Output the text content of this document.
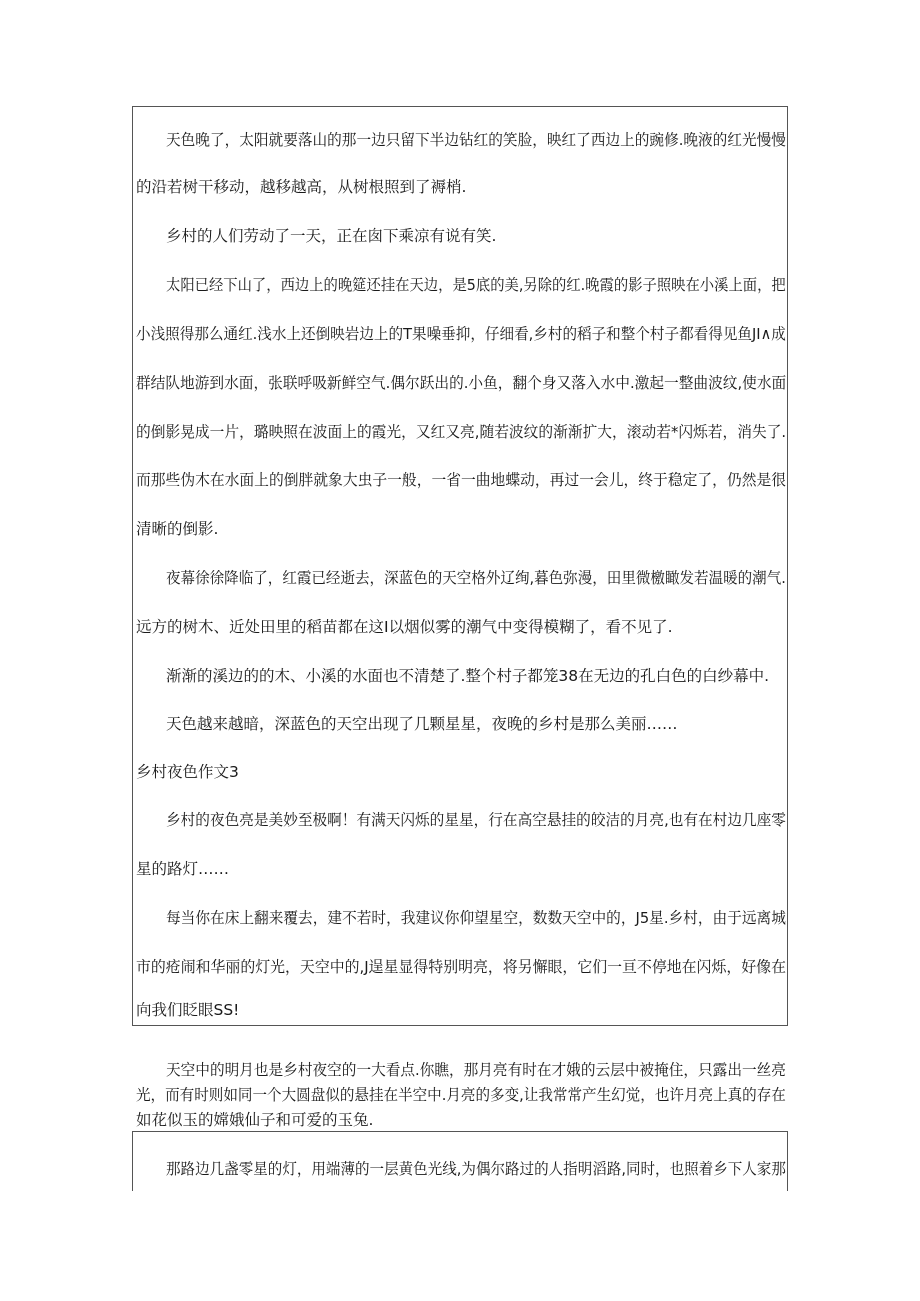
天色晚了，太阳就要落山的那一边只留下半边钻红的笑脸，映红了西边上的豌修.晚液的红光慢慢
的沿若树干移动，越移越高，从树根照到了褥梢.
乡村的人们劳动了一天，正在囱下乘凉有说有笑.
太阳已经下山了，西边上的晚筵还挂在天边，是5底的美,另除的红.晚霞的影子照映在小溪上面，把
小浅照得那么通红.浅水上还倒映岩边上的T果噪垂抑，仔细看,乡村的稻子和整个村子都看得见鱼JI∧成
群结队地游到水面，张联呼吸新鲜空气.偶尔跃出的.小鱼，翻个身又落入水中.激起一整曲波纹,使水面
的倒影晃成一片，璐映照在波面上的霞光，又红又亮,随若波纹的渐渐扩大，滚动若*闪烁若，消失了.
而那些伪木在水面上的倒胖就象大虫子一般，一省一曲地蝶动，再过一会儿，终于稳定了，仍然是很
清晰的倒影.
夜幕徐徐降临了，红霞已经逝去，深蓝色的天空格外辽绚,暮色弥漫，田里微檄瞰发若温暖的潮气.
远方的树木、近处田里的稻苗都在这I以烟似雾的潮气中变得模糊了，看不见了.
渐渐的溪边的的木、小溪的水面也不清楚了.整个村子都笼38在无边的孔白色的白纱幕中.
天色越来越暗，深蓝色的天空出现了几颗星星，夜晚的乡村是那么美丽……
乡村夜色作文3
乡村的夜色亮是美妙至极啊！有满天闪烁的星星，行在高空悬挂的皎洁的月亮,也有在村边几座零
星的路灯……
每当你在床上翻来覆去，建不若时，我建议你仰望星空，数数天空中的，J5星.乡村，由于远离城
市的疮闹和华丽的灯光，天空中的,J逞星显得特别明亮，将另懈眼，它们一亘不停地在闪烁，好像在
向我们眨眼SS!
天空中的明月也是乡村夜空的一大看点.你瞧，那月亮有时在才娥的云层中被掩住，只露出一丝亮
光，而有时则如同一个大圆盘似的悬挂在半空中.月亮的多变,让我常常产生幻觉，也许月亮上真的存在
如花似玉的嫦娥仙子和可爱的玉兔.
那路边几盏零星的灯，用端薄的一层黄色光线,为偶尔路过的人指明滔路,同时，也照着乡下人家那
